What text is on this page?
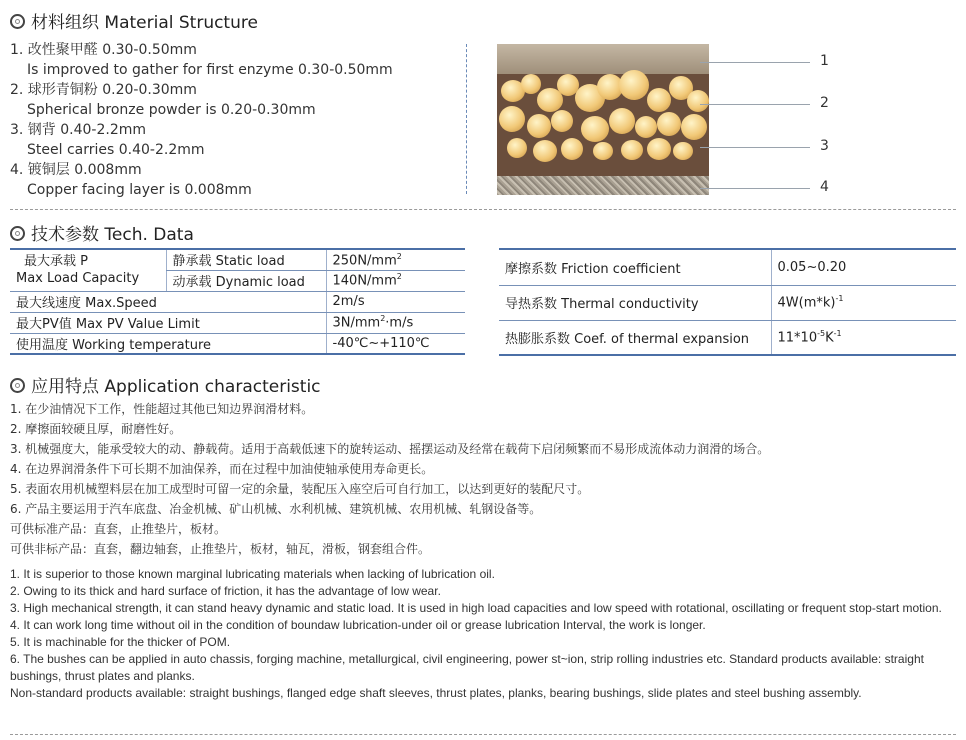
材料组织 Material Structure
1. 改性聚甲醛 0.30-0.50mm
Is improved to gather for first enzyme 0.30-0.50mm
2. 球形青铜粉 0.20-0.30mm
Spherical bronze powder is 0.20-0.30mm
3. 钢背 0.40-2.2mm
Steel carries 0.40-2.2mm
4. 镀铜层 0.008mm
Copper facing layer is 0.008mm
1
2
3
4
技术参数 Tech. Data
最大承载 P
Max Load Capacity	静承载 Static load	$250N/mm^2$
	动承载 Dynamic load	$140N/mm^2$
最大线速度 Max.Speed		2m/s
最大PV值 Max PV Value Limit		$3N/mm^2\cdot m/s$
使用温度 Working temperature		-40℃~+110℃
摩擦系数 Friction coefficient	0.05~0.20
导热系数 Thermal conductivity	$4W(m*k)^{-1}$
热膨胀系数 Coef. of thermal expansion	$11*10^{-5}K^{-1}$
应用特点 Application characteristic
1. 在少油情况下工作，性能超过其他已知边界润滑材料。
2. 摩擦面较硬且厚，耐磨性好。
3. 机械强度大，能承受较大的动、静载荷。适用于高载低速下的旋转运动、摇摆运动及经常在载荷下启闭频繁而不易形成流体动力润滑的场合。
4. 在边界润滑条件下可长期不加油保养，而在过程中加油使轴承使用寿命更长。
5. 表面农用机械塑料层在加工成型时可留一定的余量，装配压入座空后可自行加工，以达到更好的装配尺寸。
6. 产品主要运用于汽车底盘、冶金机械、矿山机械、水利机械、建筑机械、农用机械、轧钢设备等。
可供标准产品：直套，止推垫片，板材。
可供非标产品：直套，翻边轴套，止推垫片，板材，轴瓦，滑板，钢套组合件。
1. It is superior to those known marginal lubricating materials when lacking of lubrication oil.
2. Owing to its thick and hard surface of friction, it has the advantage of low wear.
3. High mechanical strength, it can stand heavy dynamic and static load. It is used in high load capacities and low speed with rotational, oscillating or frequent stop-start motion.
4. It can work long time without oil in the condition of boundaw lubrication-under oil or grease lubrication Interval, the work is longer.
5. It is machinable for the thicker of POM.
6. The bushes can be applied in auto chassis, forging machine, metallurgical, civil engineering, power st~ion, strip rolling industries etc. Standard products available: straight bushings, thrust plates and planks.
Non-standard products available: straight bushings, flanged edge shaft sleeves, thrust plates, planks, bearing bushings, slide plates and steel bushing assembly.
